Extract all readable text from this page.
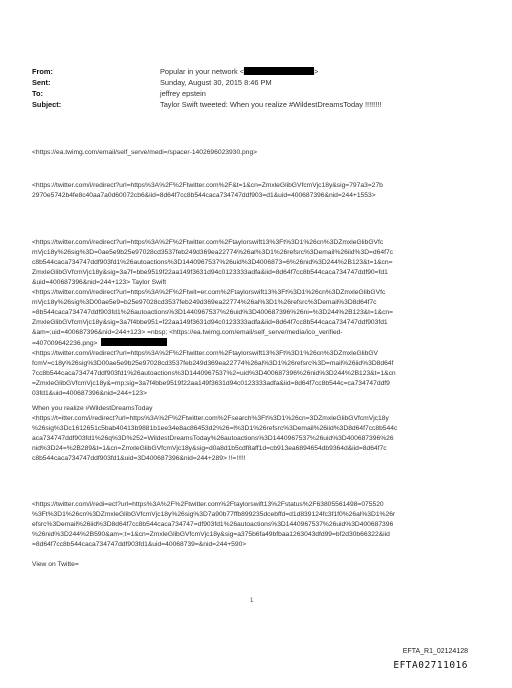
From:	Popular in your network <	>
Sent:	Sunday, August 30, 2015 8:46 PM
To:	jeffrey epstein
Subject:	Taylor Swift tweeted: When you realize #WildestDreamsToday !!!!!!!!
<https://ea.twimg.com/email/self_serve/medi=/spacer-1402696023930.png>
<https://twitter.com/i/redirect?url=https%3A%2F%2Ftwitter.com%2F&t=1&cn=ZmxleGlibGVfcmVjc18y&sig=797a3=27b
2970e5742b4fe8c40aa7a0d60072cb6&iid=8d64f7cc8b544caca734747ddf903=d1&uid=400687396&nid=244+1553>
<https://twitter.com/i/redirect?url=https%3A%2F%2Ftwitter.com%2Ftaylorswift13%3Ft%3D1%26cn%3DZmxleGlibGVfc
mVjc18y%26sig%3D=0ae5e9b25e97028cd3537feb249d369ea22774%26al%3D1%26refsrc%3Demail%26iid%3D=d64f7c
c8b544caca734747ddf903fd1%26autoactions%3D1440967537%26uid%3D4006873=6%26nid%3D244%2B123&t=1&cn=
ZmxleGlibGVfcmVjc18y&sig=3a7f=bbe9519f22aa149f3631d94c0123333adfa&iid=8d64f7cc8b544caca734747ddf90=fd1
&uid=400687396&nid=244+123> Taylor Swift
<https://twitter.com/i/redirect?url=https%3A%2F%2Ftwit=er.com%2Ftaylorswift13%3Ft%3D1%26cn%3DZmxleGlibGVfc
mVjc18y%26sig%3D00ae5e9=b25e97028cd3537feb249d369ea22774%26al%3D1%26refsrc%3Demail%3D8d64f7c
=8b544caca734747ddf903fd1%26autoactions%3D1440967537%26uid%3D400687396%26ni=%3D244%2B123&t=1&cn=
ZmxleGlibGVfcmVjc18y&sig=3a7f4bbe951=f22aa149f3631d94c0123333adfa&iid=8d64f7cc8b544caca734747ddf903fd1
&am=;uid=400687396&nid=244+123> =nbsp; <https://ea.twimg.com/email/self_serve/media/ico_verified-
=407009642236.png>
<https://twitter.com/i/redirect?url=https%3A%2F%2Ftwitter.com%2Ftaylorswift13%3Ft%3D1%26cn%3DZmxleGlibGV
fcmV=c18y%26sig%3D00ae5e9b25e97028cd3537feb249d369ea22774%26al%3D1%26refsrc%3D=mail%26iid%3D8d64f
7cc8b544caca734747ddf903fd1%26autoactions%3D1440967537%2=uid%3D400687396%26nid%3D244%2B123&t=1&cn
=ZmxleGlibGVfcmVjc18y&=mp;sig=3a7f4bbe9519f22aa149f3631d94c0123333adfa&iid=8d64f7cc8b544c=ca734747ddf9
03fd1&uid=400687396&nid=244+123>
When you realize #WildestDreamsToday
<https://t=itter.com/i/redirect?url=https%3A%2F%2Ftwitter.com%2Fsearch%3Ft%3D1%26cn=3DZmxleGlibGVfcmVjc18y
%26sig%3Dc1612651c5bab40413b9881b1ee34e8ac86453d2%26=l%3D1%26refsrc%3Demail%26iid%3D8d64f7cc8b544c
aca734747ddf903fd1%26q%3D%252=WildestDreamsToday%26autoactions%3D1440967537%26uid%3D400687396%26
nid%3D24=%2B289&t=1&cn=ZmxleGlibGVfcmVjc18y&sig=d0a8d1b5cdf8aff1d=cb913ea6894654db9364d&iid=8d64f7c
c8b544caca734747ddf903fd1&uid=3D400687396&nid=244+289> !!=!!!!!
<https://twitter.com/i/redi=ect?url=https%3A%2F%2Ftwitter.com%2Ftaylorswift13%2Fstatus%2F63805561498=075520
%3Ft%3D1%26cn%3DZmxleGlibGVfcmVjc18y%26sig%3D7a90b77ffb899235dcebffd=d1d839124fc3f1f0%26al%3D1%26r
efsrc%3Demail%26iid%3D8d64f7cc8b544caca734747=df903fd1%26autoactions%3D1440967537%26uid%3D400687396
%26nid%3D244%2B590&am=;t=1&cn=ZmxleGlibGVfcmVjc18y&sig=a375b6fa49bfbaa1263043dfd99=bf2d30b66322&iid
=8d64f7cc8b544caca734747ddf903fd1&uid=40068739=&nid=244+590>
View on Twitte=
1
EFTA_R1_02124128
EFTA02711016
